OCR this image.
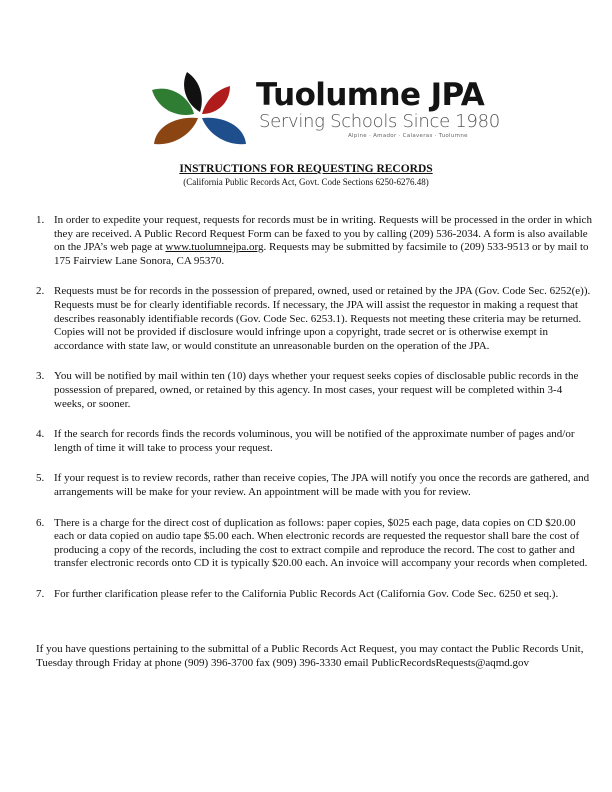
Tuolumne JPA
Serving Schools Since 1980
Alpine · Amador · Calaveras · Tuolumne
INSTRUCTIONS FOR REQUESTING RECORDS
(California Public Records Act, Govt. Code Sections 6250-6276.48)
1. In order to expedite your request, requests for records must be in writing. Requests will be processed in the order in which they are received. A Public Record Request Form can be faxed to you by calling (209) 536-2034. A form is also available on the JPA’s web page at www.tuolumnejpa.org. Requests may be submitted by facsimile to (209) 533-9513 or by mail to 175 Fairview Lane Sonora, CA 95370.
2. Requests must be for records in the possession of prepared, owned, used or retained by the JPA (Gov. Code Sec. 6252(e)). Requests must be for clearly identifiable records. If necessary, the JPA will assist the requestor in making a request that describes reasonably identifiable records (Gov. Code Sec. 6253.1). Requests not meeting these criteria may be returned. Copies will not be provided if disclosure would infringe upon a copyright, trade secret or is otherwise exempt in accordance with state law, or would constitute an unreasonable burden on the operation of the JPA.
3. You will be notified by mail within ten (10) days whether your request seeks copies of disclosable public records in the possession of prepared, owned, or retained by this agency. In most cases, your request will be completed within 3-4 weeks, or sooner.
4. If the search for records finds the records voluminous, you will be notified of the approximate number of pages and/or length of time it will take to process your request.
5. If your request is to review records, rather than receive copies, The JPA will notify you once the records are gathered, and arrangements will be make for your review. An appointment will be made with you for review.
6. There is a charge for the direct cost of duplication as follows: paper copies, $025 each page, data copies on CD $20.00 each or data copied on audio tape $5.00 each. When electronic records are requested the requestor shall bare the cost of producing a copy of the records, including the cost to extract compile and reproduce the record. The cost to gather and transfer electronic records onto CD it is typically $20.00 each. An invoice will accompany your records when completed.
7. For further clarification please refer to the California Public Records Act (California Gov. Code Sec. 6250 et seq.).
If you have questions pertaining to the submittal of a Public Records Act Request, you may contact the Public Records Unit, Tuesday through Friday at phone (909) 396-3700 fax (909) 396-3330 email PublicRecordsRequests@aqmd.gov
